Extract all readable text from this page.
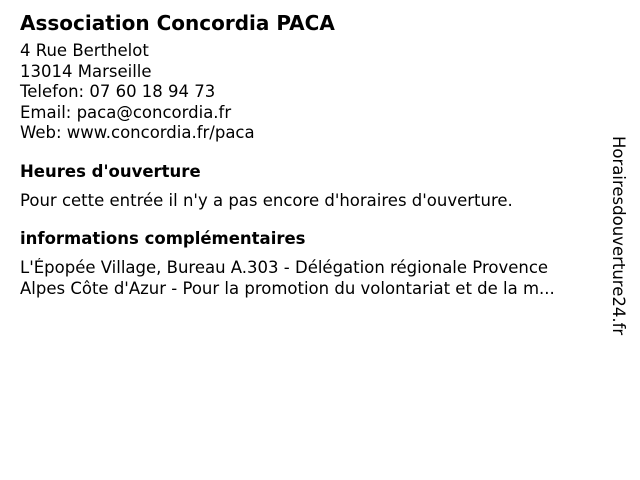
Association Concordia PACA
4 Rue Berthelot
13014 Marseille
Telefon: 07 60 18 94 73
Email: paca@concordia.fr
Web: www.concordia.fr/paca
Heures d'ouverture
Pour cette entrée il n'y a pas encore d'horaires d'ouverture.
informations complémentaires
L'Épopée Village, Bureau A.303 - Délégation régionale Provence
Alpes Côte d'Azur - Pour la promotion du volontariat et de la m...	Horairesdouverture24.fr
